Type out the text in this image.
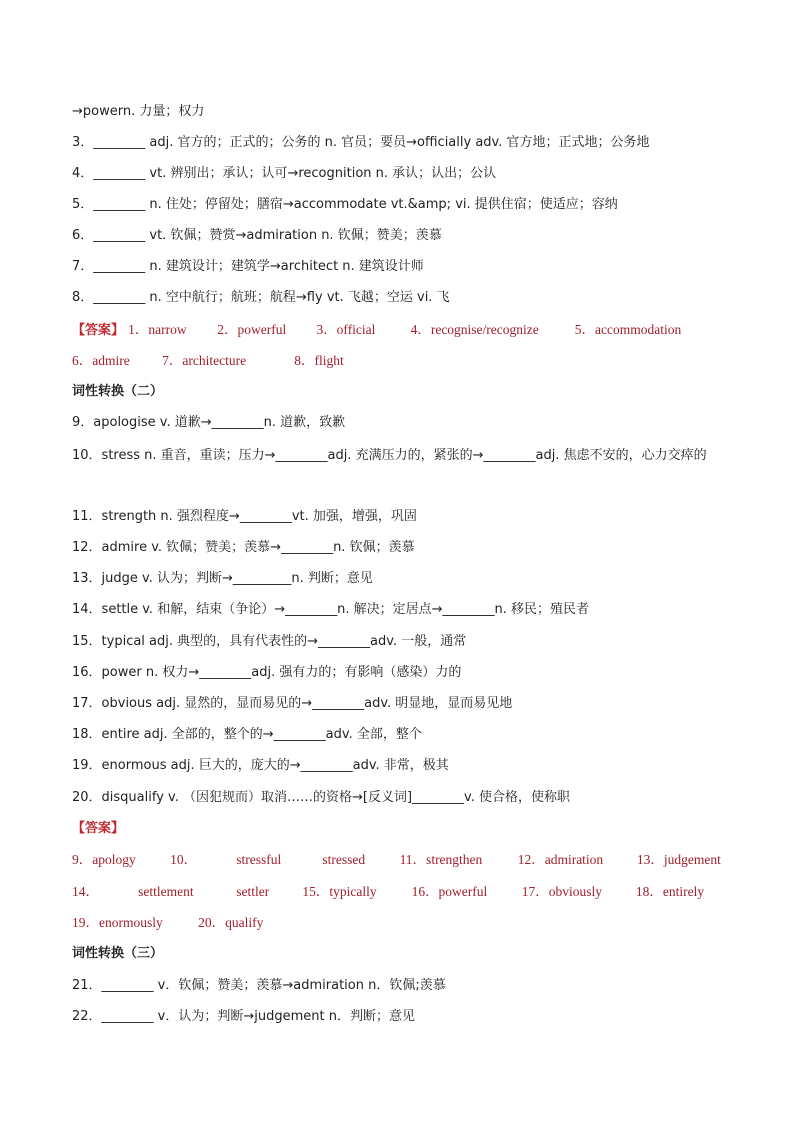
→powern. 力量；权力
3．________ adj. 官方的；正式的；公务的 n. 官员；要员→officially adv. 官方地；正式地；公务地
4．________ vt. 辨别出；承认；认可→recognition n. 承认；认出；公认
5．________ n. 住处；停留处；膳宿→accommodate vt.&amp; vi. 提供住宿；使适应；容纳
6．________ vt. 钦佩；赞赏→admiration n. 钦佩；赞美；羡慕
7．________ n. 建筑设计；建筑学→architect n. 建筑设计师
8．________ n. 空中航行；航班；航程→fly vt. 飞越；空运 vi. 飞
【答案】 1．narrow 2．powerful 3．official	4．recognise/recognize	5．accommodation
6．admire 7．architecture	8．flight
词性转换（二）
9．apologise v. 道歉→________n. 道歉，致歉
10．stress n. 重音，重读；压力→________adj. 充满压力的，紧张的→________adj. 焦虑不安的，心力交瘁的
11．strength n. 强烈程度→________vt. 加强，增强，巩固
12．admire v. 钦佩；赞美；羡慕→________n. 钦佩；羡慕
13．judge v. 认为；判断→_________n. 判断；意见
14．settle v. 和解，结束（争论）→________n. 解决；定居点→________n. 移民；殖民者
15．typical adj. 典型的，具有代表性的→________adv. 一般，通常
16．power n. 权力→________adj. 强有力的；有影响（感染）力的
17．obvious adj. 显然的，显而易见的→________adv. 明显地，显而易见地
18．entire adj. 全部的，整个的→________adv. 全部，整个
19．enormous adj. 巨大的，庞大的→________adv. 非常，极其
20．disqualify v. （因犯规而）取消……的资格→[反义词]________v. 使合格，使称职
【答案】
9．apology	10．	stressful	stressed	11．strengthen	12．admiration 13．judgement
14．	settlement	settler 15．typically	16．powerful	17．obviously	18．entirely
19．enormously	20．qualify
词性转换（三）
21．________ v．钦佩；赞美；羡慕→admiration n．钦佩;羡慕
22．________ v．认为；判断→judgement n．判断；意见
